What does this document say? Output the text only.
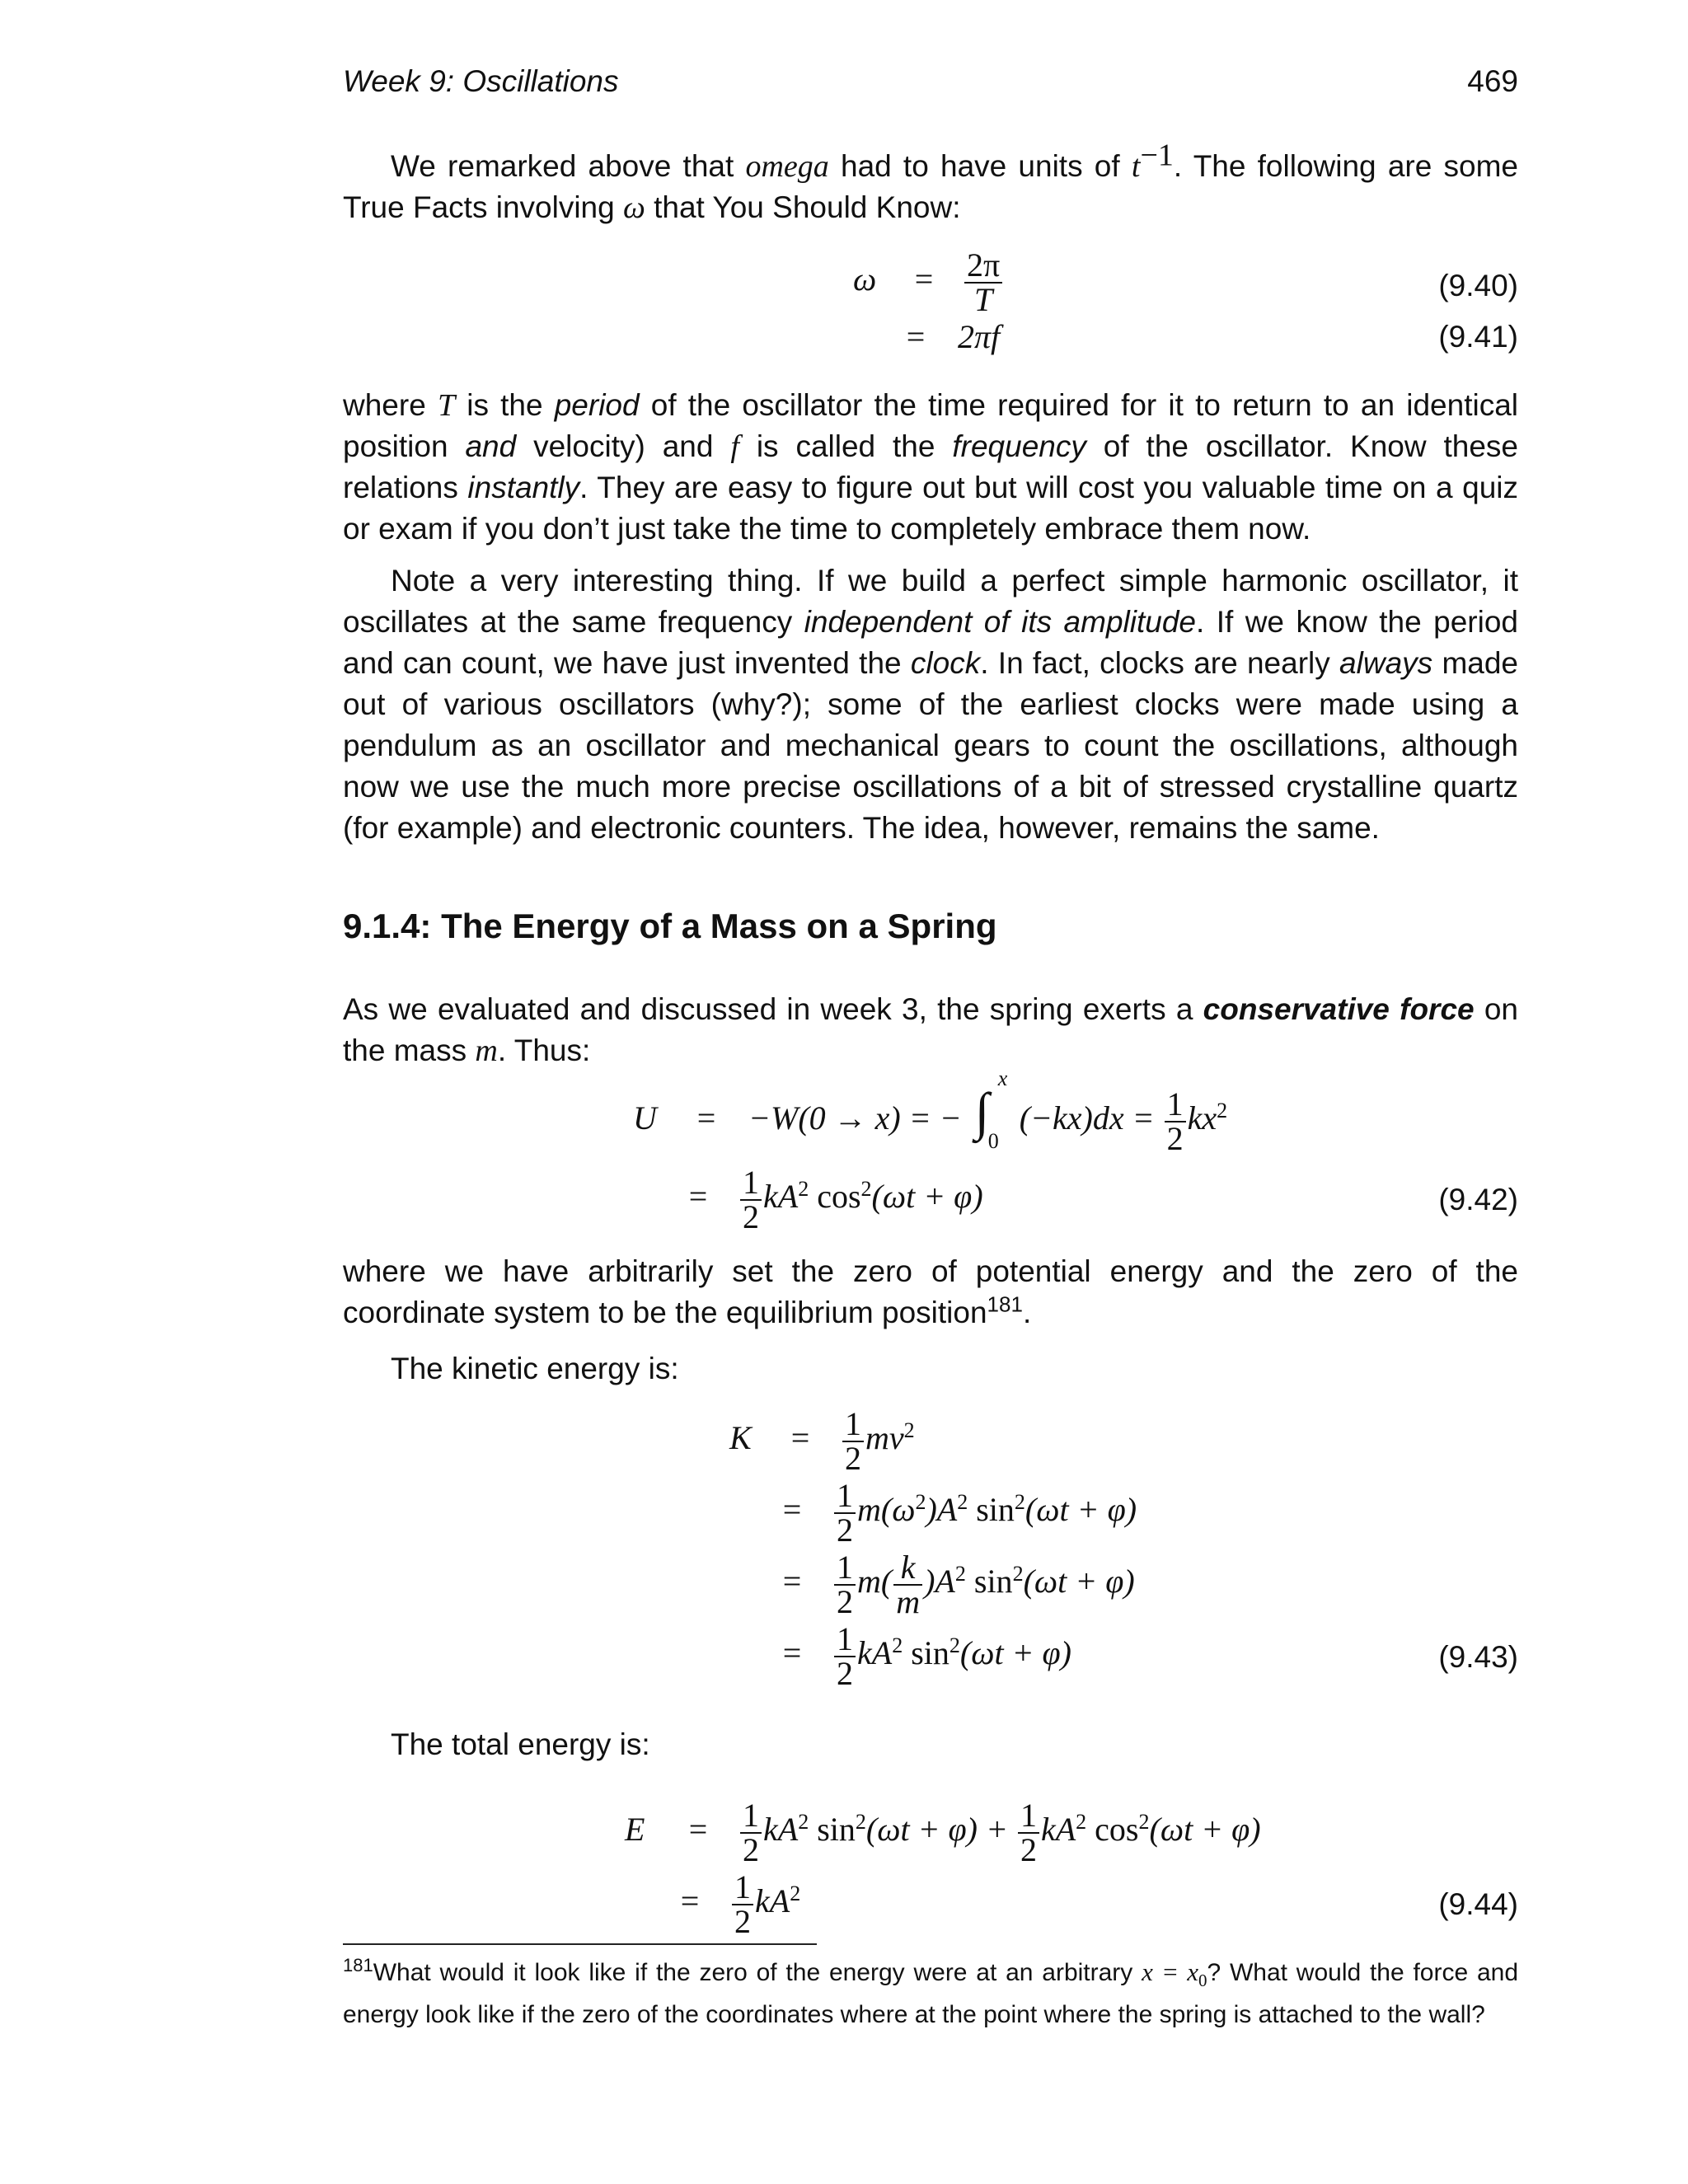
Week 9: Oscillations	469

We remarked above that omega had to have units of $t^{-1}$. The following are some True Facts involving ω that You Should Know:

$\omega = \frac{2\pi}{T}$	(9.40)
= 2πf	(9.41)

where T is the period of the oscillator the time required for it to return to an identical position and velocity) and f is called the frequency of the oscillator. Know these relations instantly. They are easy to figure out but will cost you valuable time on a quiz or exam if you don’t just take the time to completely embrace them now.

Note a very interesting thing. If we build a perfect simple harmonic oscillator, it oscillates at the same frequency independent of its amplitude. If we know the period and can count, we have just invented the clock. In fact, clocks are nearly always made out of various oscillators (why?); some of the earliest clocks were made using a pendulum as an oscillator and mechanical gears to count the oscillations, although now we use the much more precise oscillations of a bit of stressed crystalline quartz (for example) and electronic counters. The idea, however, remains the same.

9.1.4: The Energy of a Mass on a Spring

As we evaluated and discussed in week 3, the spring exerts a conservative force on the mass m. Thus:

U = −W(0 → x) = − ∫
x
0
$(-kx)dx = \frac{1}{2} kx^2$
= $\frac{1}{2} kA^2$ $\cos^2(\omega t + \varphi)$	(9.42)

where we have arbitrarily set the zero of potential energy and the zero of the coordinate system to be the equilibrium position$^{181}$.

The kinetic energy is:

$K = \frac{1}{2} mv^2$
= $\frac{1}{2} m(\omega^2)A^2$ $\sin^2(\omega t + \varphi)$
= $\frac{1}{2} m( \frac{k}{m} )A^2$ $\sin^2(\omega t + \varphi)$
= $\frac{1}{2} kA^2$ $\sin^2(\omega t + \varphi)$	(9.43)

The total energy is:

$E = \frac{1}{2} kA^2$ $\sin^2(\omega t + \varphi) + \frac{1}{2} kA^2$ $\cos^2(\omega t + \varphi)$
= $\frac{1}{2} kA^2$	(9.44)

$^{181}$What would it look like if the zero of the energy were at an arbitrary $x = x_0$? What would the force and energy look like if the zero of the coordinates where at the point where the spring is attached to the wall?
